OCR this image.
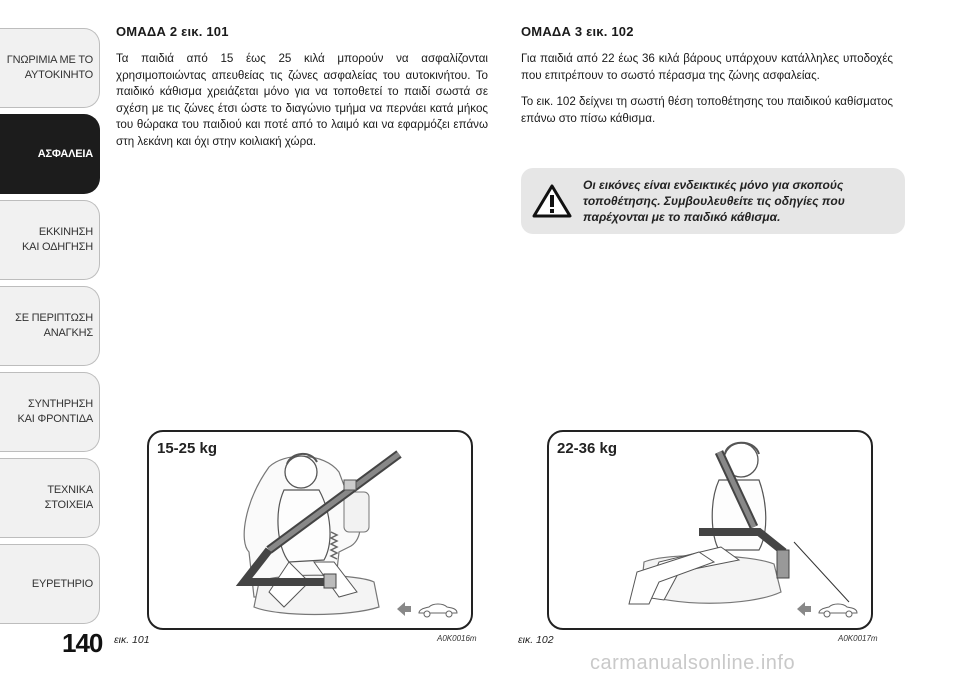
ΓΝΩΡΙΜΙΑ ΜΕ ΤΟ
ΑΥΤΟΚΙΝΗΤΟ
ΑΣΦΑΛΕΙΑ
ΕΚΚΙΝΗΣΗ
ΚΑΙ ΟΔΗΓΗΣΗ
ΣΕ ΠΕΡΙΠΤΩΣΗ
ΑΝΑΓΚΗΣ
ΣΥΝΤΗΡΗΣΗ
ΚΑΙ ΦΡΟΝΤΙΔΑ
ΤΕΧΝΙΚΑ
ΣΤΟΙΧΕΙΑ
ΕΥΡΕΤΗΡΙΟ
140
ΟΜΑΔΑ 2 εικ. 101

Τα παιδιά από 15 έως 25 κιλά μπορούν να ασφαλίζονται χρησιμοποιώντας απευθείας τις ζώνες ασφαλείας του αυτοκινήτου. Το παιδικό κάθισμα χρειάζεται μόνο για να τοποθετεί το παιδί σωστά σε σχέση με τις ζώνες έτσι ώστε το διαγώνιο τμήμα να περνάει κατά μήκος του θώρακα του παιδιού και ποτέ από το λαιμό και να εφαρμόζει επάνω στη λεκάνη και όχι στην κοιλιακή χώρα.

ΟΜΑΔΑ 3 εικ. 102

Για παιδιά από 22 έως 36 κιλά βάρους υπάρχουν κατάλληλες υποδοχές που επιτρέπουν το σωστό πέρασμα της ζώνης ασφαλείας.

Το εικ. 102 δείχνει τη σωστή θέση τοποθέτησης του παιδικού καθίσματος επάνω στο πίσω κάθισμα.

Οι εικόνες είναι ενδεικτικές μόνο για σκοπούς τοποθέτησης. Συμβουλευθείτε τις οδηγίες που παρέχονται με το παιδικό κάθισμα.
15-25 kg
εικ. 101	A0K0016m
22-36 kg
εικ. 102	A0K0017m
carmanualsonline.info
